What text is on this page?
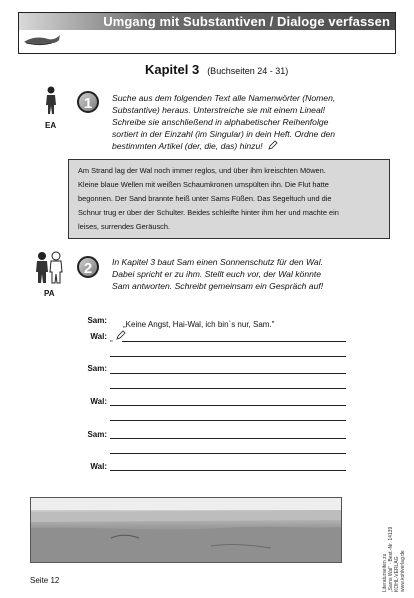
Umgang mit Substantiven / Dialoge verfassen
Kapitel 3 (Buchseiten 24 - 31)
EA
1	Suche aus dem folgenden Text alle Namenwörter (Nomen,
Substantive) heraus. Unterstreiche sie mit einem Lineal!
Schreibe sie anschließend in alphabetischer Reihenfolge
sortiert in der Einzahl (im Singular) in dein Heft. Ordne den
bestimmten Artikel (der, die, das) hinzu!
Am Strand lag der Wal noch immer reglos, und über ihm kreischten Möwen.
Kleine blaue Wellen mit weißen Schaumkronen umspülten ihn. Die Flut hatte
begonnen. Der Sand brannte heiß unter Sams Füßen. Das Segeltuch und die
Schnur trug er über der Schulter. Beides schleifte hinter ihm her und machte ein
leises, surrendes Geräusch.
PA
2	In Kapitel 3 baut Sam einen Sonnenschutz für den Wal.
Dabei spricht er zu ihm. Stellt euch vor, der Wal könnte
Sam antworten. Schreibt gemeinsam ein Gespräch auf!
Sam: „Keine Angst, Hai-Wal, ich bin`s nur, Sam."
Wal: „
Sam:
Wal:
Sam:
Wal:
Literaturseiten zu „Sams Wal" · Best.-Nr. 14139 KOHL-VERLAG www.kohlverlag.de
Seite 12
